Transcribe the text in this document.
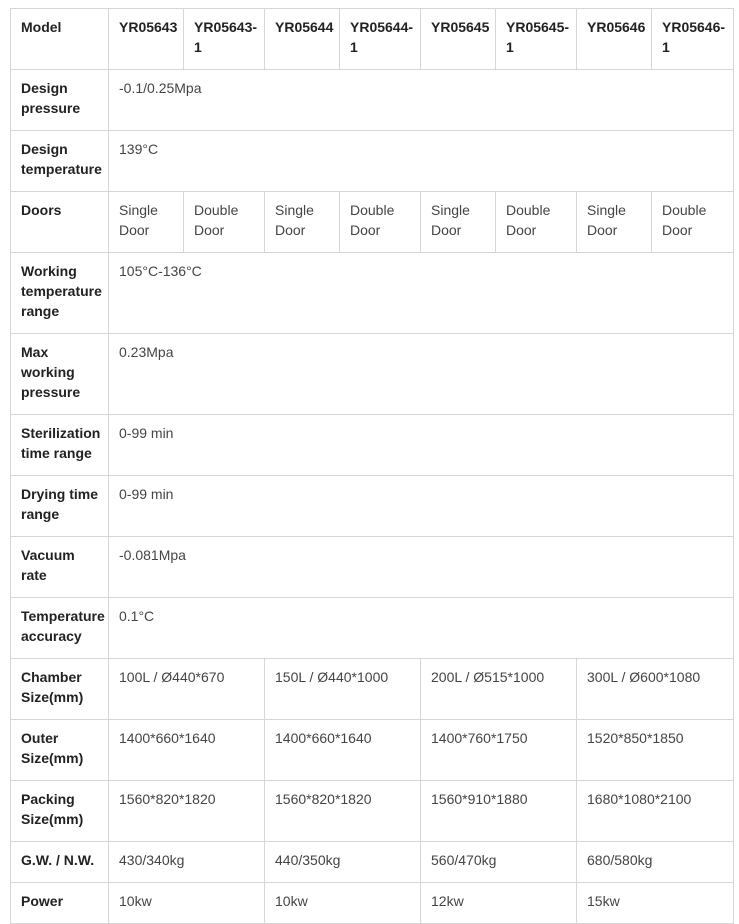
Model	YR05643	YR05643-1	YR05644	YR05644-1	YR05645	YR05645-1	YR05646	YR05646-1
Design pressure	-0.1/0.25Mpa							
Design temperature	139°C							
Doors	Single Door	Double Door	Single Door	Double Door	Single Door	Double Door	Single Door	Double Door
Working temperature range	105°C-136°C							
Max working pressure	0.23Mpa							
Sterilization time range	0-99 min							
Drying time range	0-99 min							
Vacuum rate	-0.081Mpa							
Temperature accuracy	0.1°C							
Chamber Size(mm)	100L / Ø440*670		150L / Ø440*1000		200L / Ø515*1000		300L / Ø600*1080	
Outer Size(mm)	1400*660*1640		1400*660*1640		1400*760*1750		1520*850*1850	
Packing Size(mm)	1560*820*1820		1560*820*1820		1560*910*1880		1680*1080*2100	
G.W. / N.W.	430/340kg		440/350kg		560/470kg		680/580kg	
Power	10kw		10kw		12kw		15kw	
